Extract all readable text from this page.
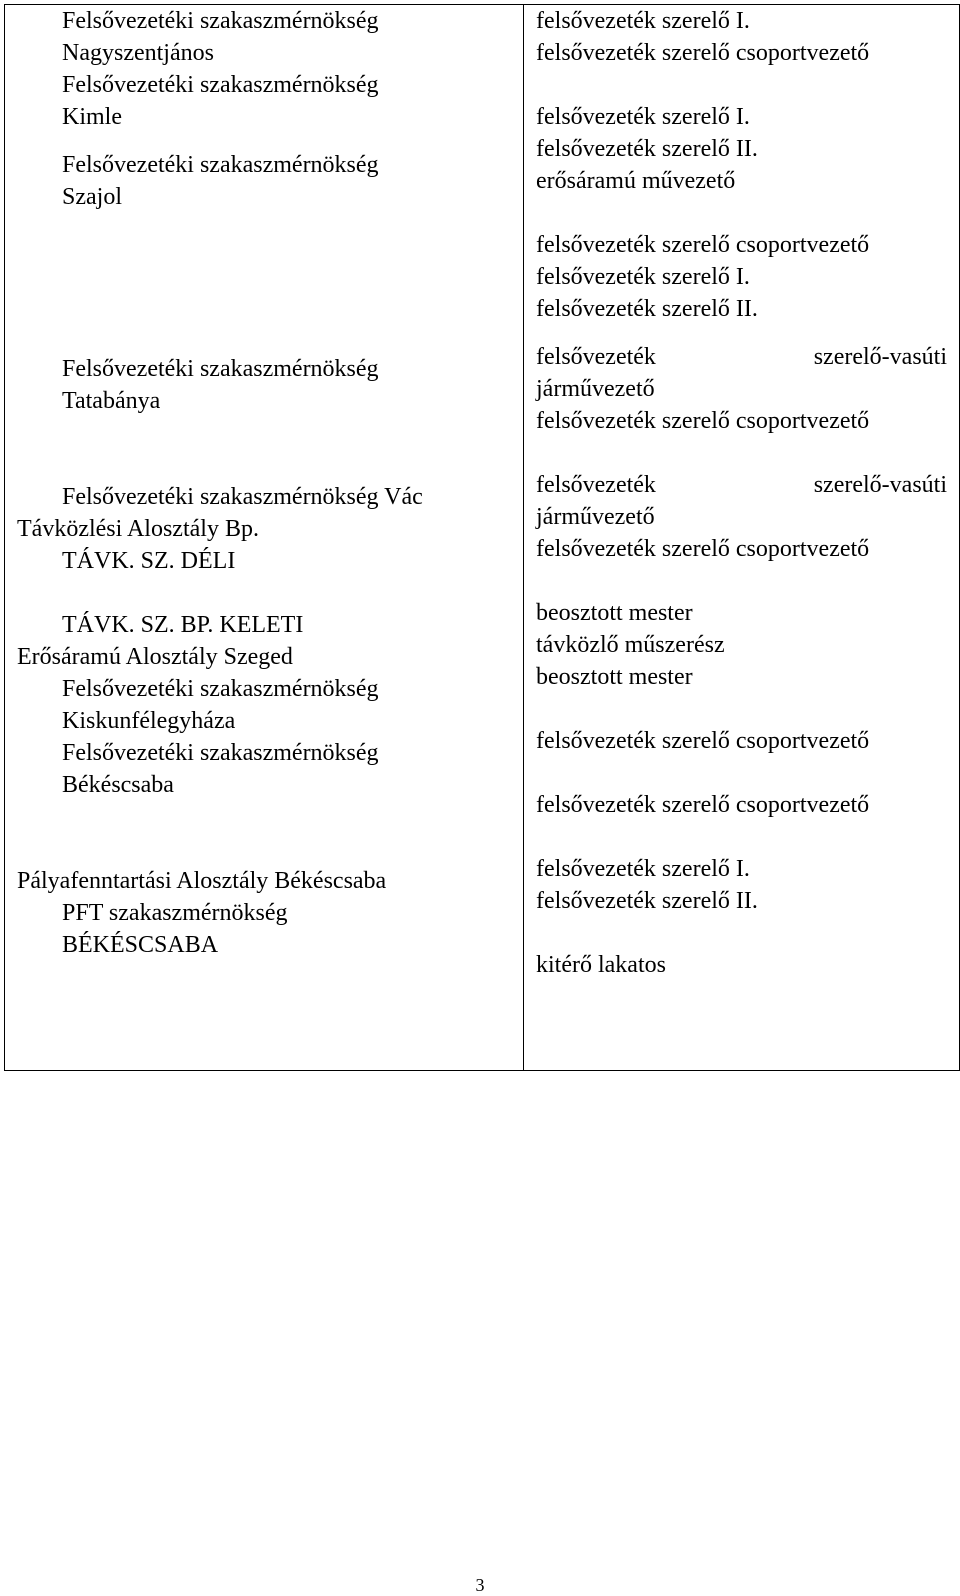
Felsővezetéki szakaszmérnökség
Nagyszentjános
Felsővezetéki szakaszmérnökség
Kimle
Felsővezetéki szakaszmérnökség
Szajol
Felsővezetéki szakaszmérnökség
Tatabánya
Felsővezetéki szakaszmérnökség Vác
Távközlési Alosztály Bp.
TÁVK. SZ. DÉLI
TÁVK. SZ. BP. KELETI
Erősáramú Alosztály Szeged
Felsővezetéki szakaszmérnökség
Kiskunfélegyháza
Felsővezetéki szakaszmérnökség
Békéscsaba
Pályafenntartási Alosztály Békéscsaba
PFT szakaszmérnökség
BÉKÉSCSABA

felsővezeték szerelő I.
felsővezeték szerelő csoportvezető
felsővezeték szerelő I.
felsővezeték szerelő II.
erősáramú művezető
felsővezeték szerelő csoportvezető
felsővezeték szerelő I.
felsővezeték szerelő II.
felsővezeték	szerelő-vasúti
járművezető
felsővezeték szerelő csoportvezető
felsővezeték	szerelő-vasúti
járművezető
felsővezeték szerelő csoportvezető
beosztott mester
távközlő műszerész
beosztott mester
felsővezeték szerelő csoportvezető
felsővezeték szerelő csoportvezető
felsővezeték szerelő I.
felsővezeték szerelő II.
kitérő lakatos
3
